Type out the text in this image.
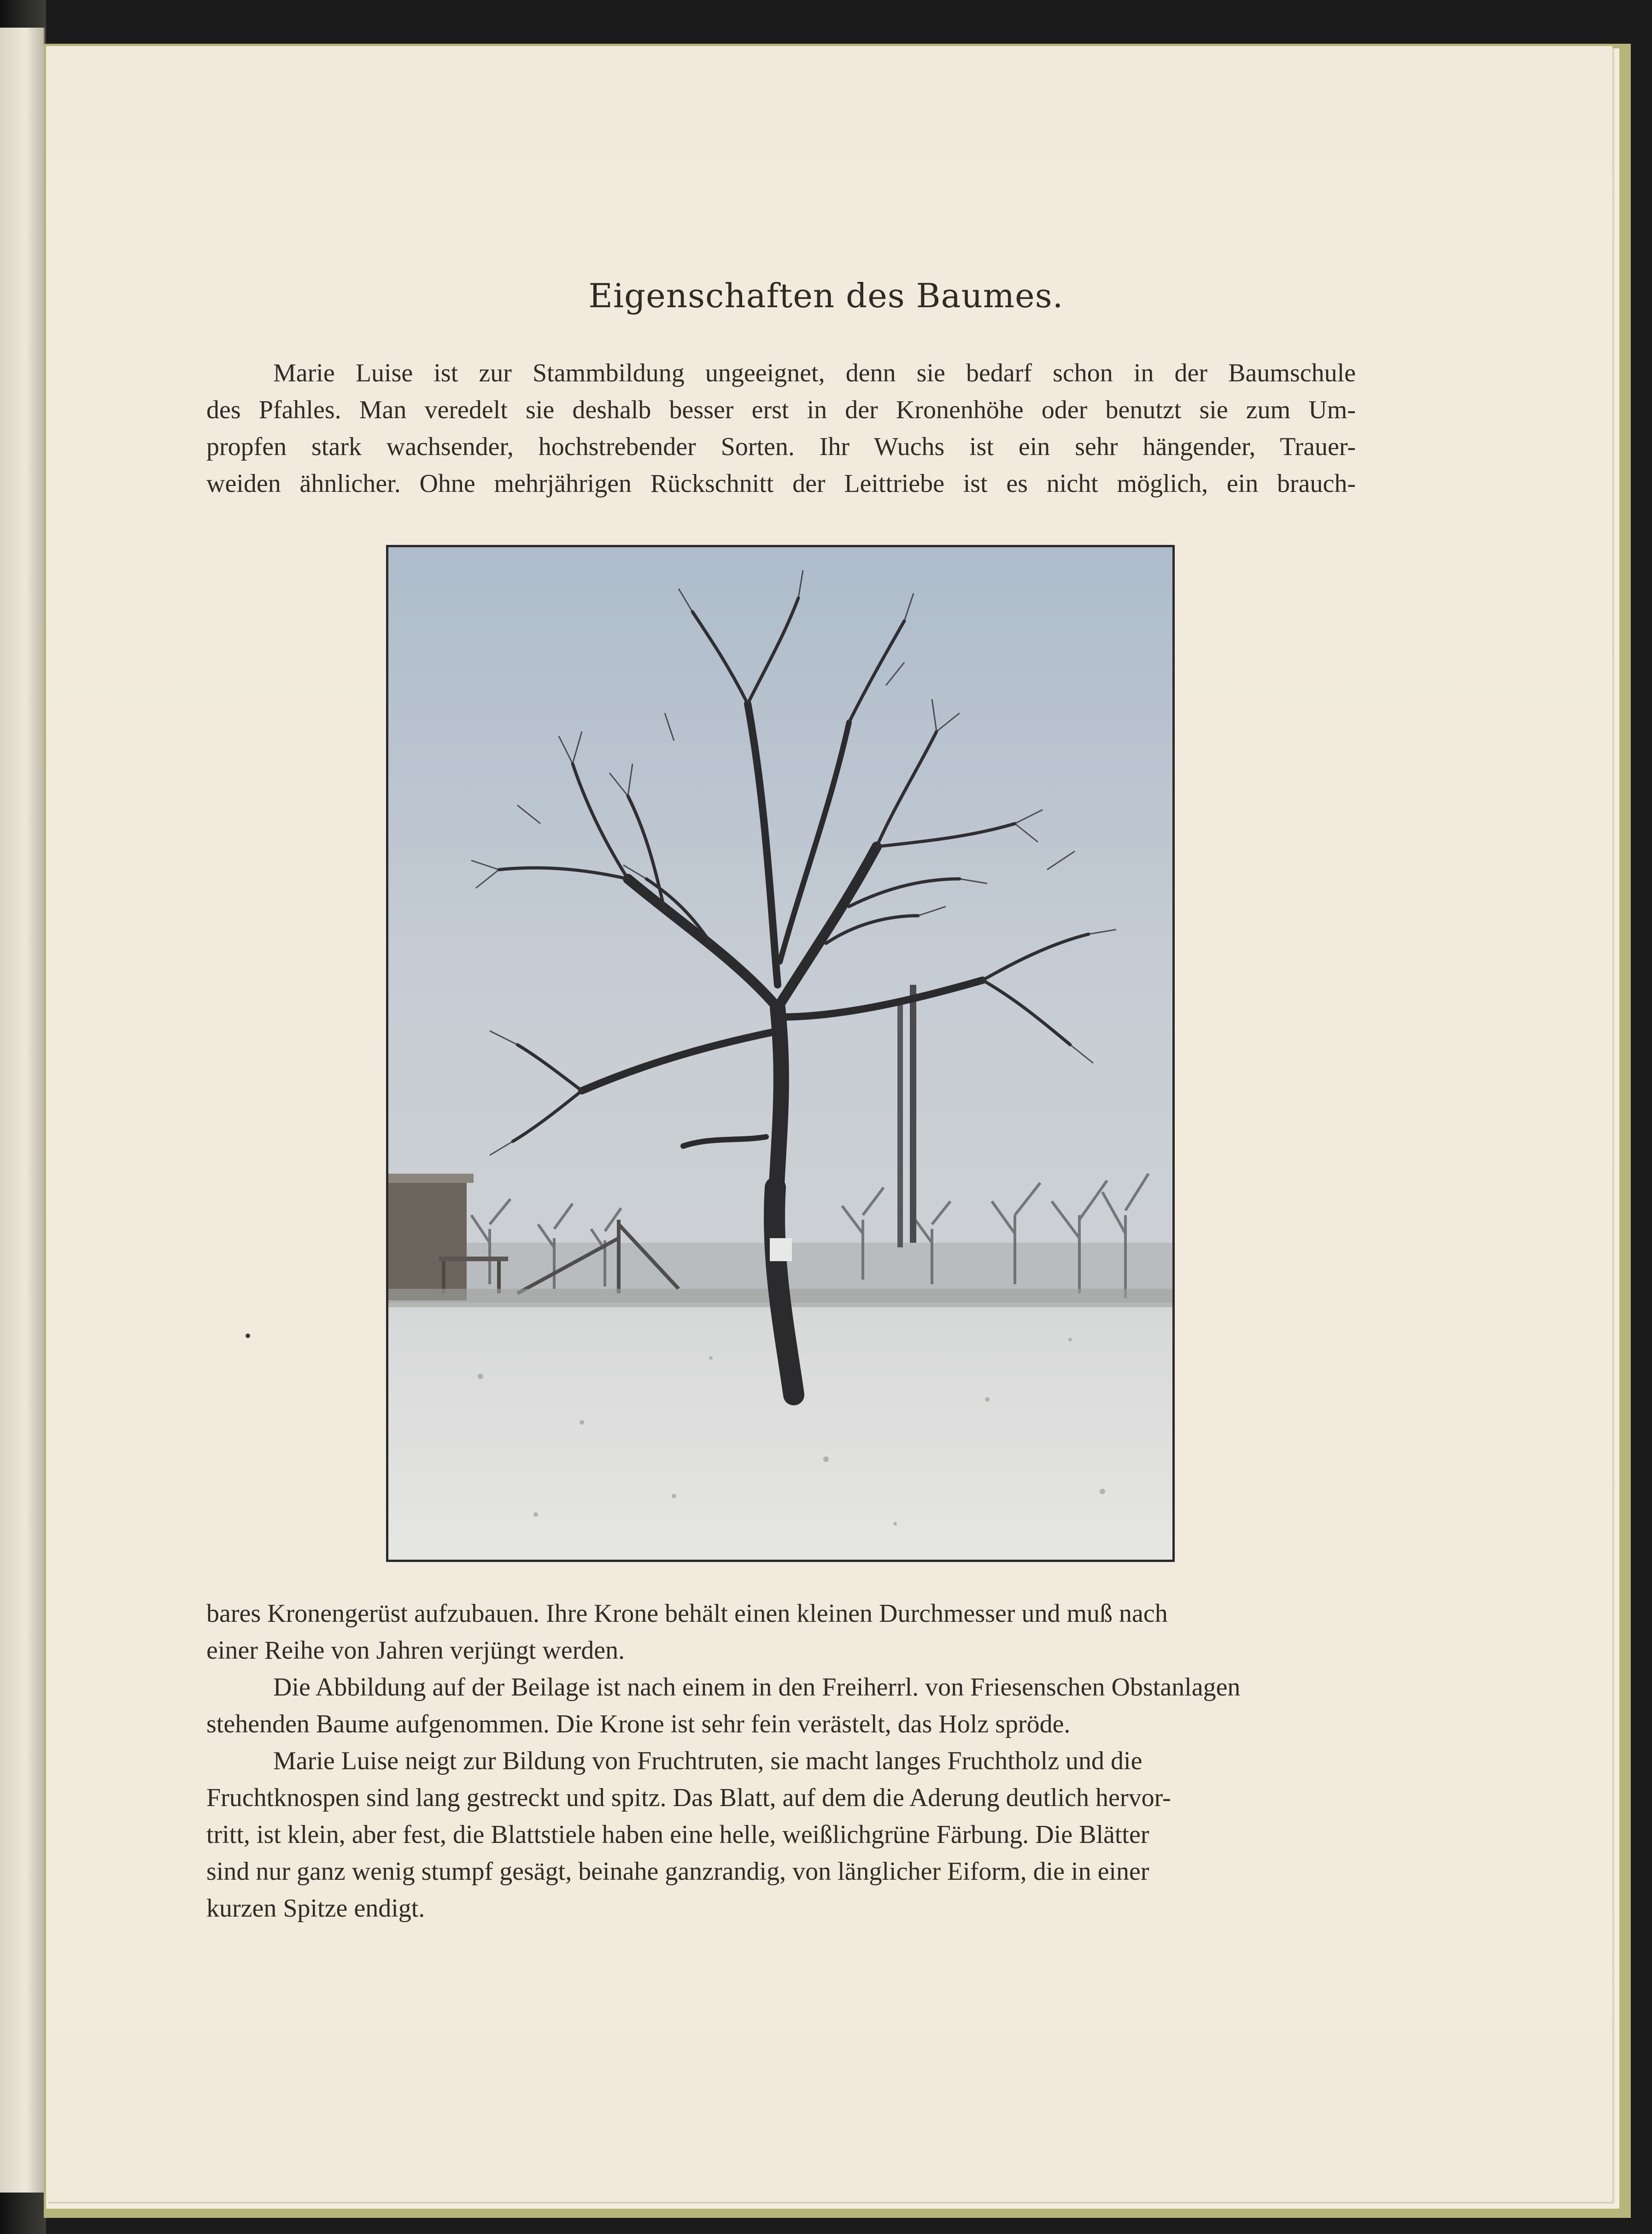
Eigenschaften des Baumes.
Marie Luise ist zur Stammbildung ungeeignet, denn sie bedarf schon in der Baumschule
des Pfahles. Man veredelt sie deshalb besser erst in der Kronenhöhe oder benutzt sie zum Um-
propfen stark wachsender, hochstrebender Sorten. Ihr Wuchs ist ein sehr hängender, Trauer-
weiden ähnlicher. Ohne mehrjährigen Rückschnitt der Leittriebe ist es nicht möglich, ein brauch-
bares Kronengerüst aufzubauen. Ihre Krone behält einen kleinen Durchmesser und muß nach
einer Reihe von Jahren verjüngt werden.
Die Abbildung auf der Beilage ist nach einem in den Freiherrl. von Friesenschen Obstanlagen
stehenden Baume aufgenommen. Die Krone ist sehr fein verästelt, das Holz spröde.
Marie Luise neigt zur Bildung von Fruchtruten, sie macht langes Fruchtholz und die
Fruchtknospen sind lang gestreckt und spitz. Das Blatt, auf dem die Aderung deutlich hervor-
tritt, ist klein, aber fest, die Blattstiele haben eine helle, weißlichgrüne Färbung. Die Blätter
sind nur ganz wenig stumpf gesägt, beinahe ganzrandig, von länglicher Eiform, die in einer
kurzen Spitze endigt.
